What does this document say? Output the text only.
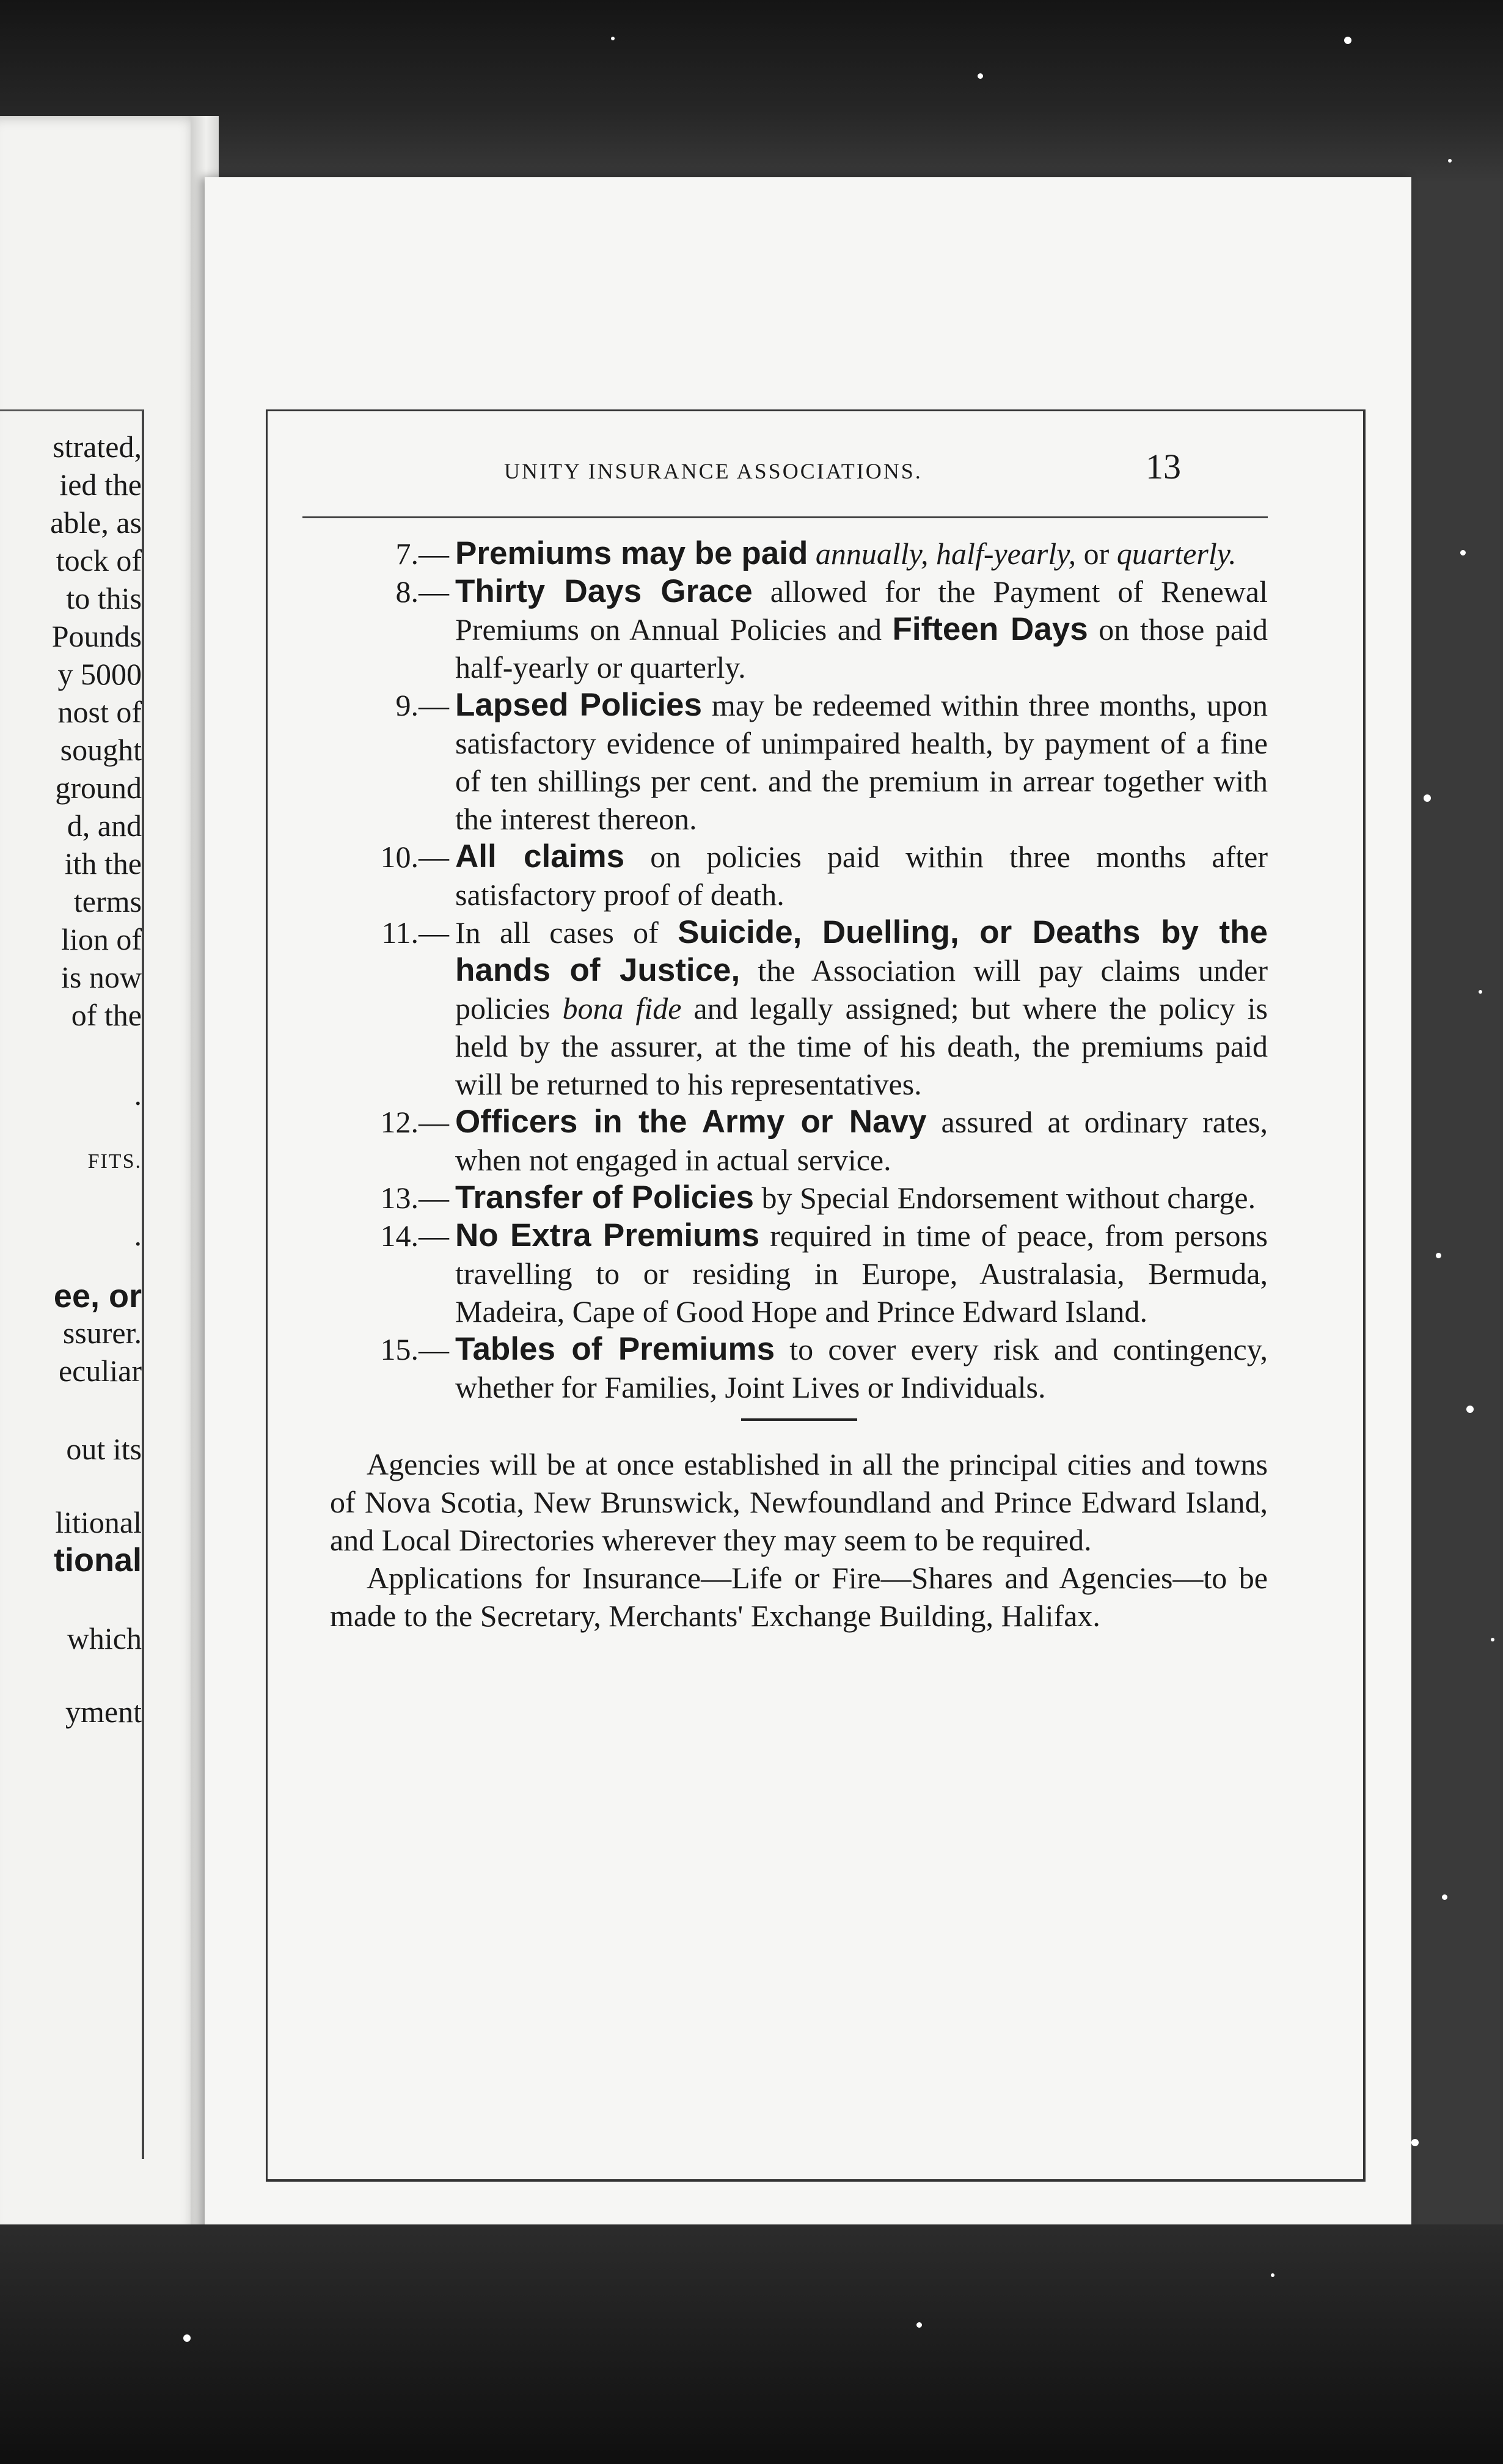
strated,
ied the
able, as
tock of
to this
Pounds
y 5000
nost of
sought
ground
d, and
ith the
terms
lion of
is now
of the
.
FITS.
.
ee, or
ssurer.
eculiar
out its
litional
tional
which
yment
UNITY INSURANCE ASSOCIATIONS.	13

7.— Premiums may be paid annually, half-yearly, or quarterly.

8.— Thirty Days Grace allowed for the Payment of Renewal Premiums on Annual Policies and Fifteen Days on those paid half-yearly or quarterly.

9.— Lapsed Policies may be redeemed within three months, upon satisfactory evidence of unimpaired health, by payment of a fine of ten shillings per cent. and the premium in arrear together with the interest thereon.

10.— All claims on policies paid within three months after satisfactory proof of death.

11.— In all cases of Suicide, Duelling, or Deaths by the hands of Justice, the Association will pay claims under policies bona fide and legally assigned; but where the policy is held by the assurer, at the time of his death, the premiums paid will be returned to his representatives.

12.— Officers in the Army or Navy assured at ordinary rates, when not engaged in actual service.

13.— Transfer of Policies by Special Endorsement without charge.

14.— No Extra Premiums required in time of peace, from persons travelling to or residing in Europe, Australasia, Bermuda, Madeira, Cape of Good Hope and Prince Edward Island.

15.— Tables of Premiums to cover every risk and contingency, whether for Families, Joint Lives or Individuals.

Agencies will be at once established in all the principal cities and towns of Nova Scotia, New Brunswick, Newfoundland and Prince Edward Island, and Local Directories wherever they may seem to be required.

Applications for Insurance—Life or Fire—Shares and Agencies—to be made to the Secretary, Merchants' Exchange Building, Halifax.
